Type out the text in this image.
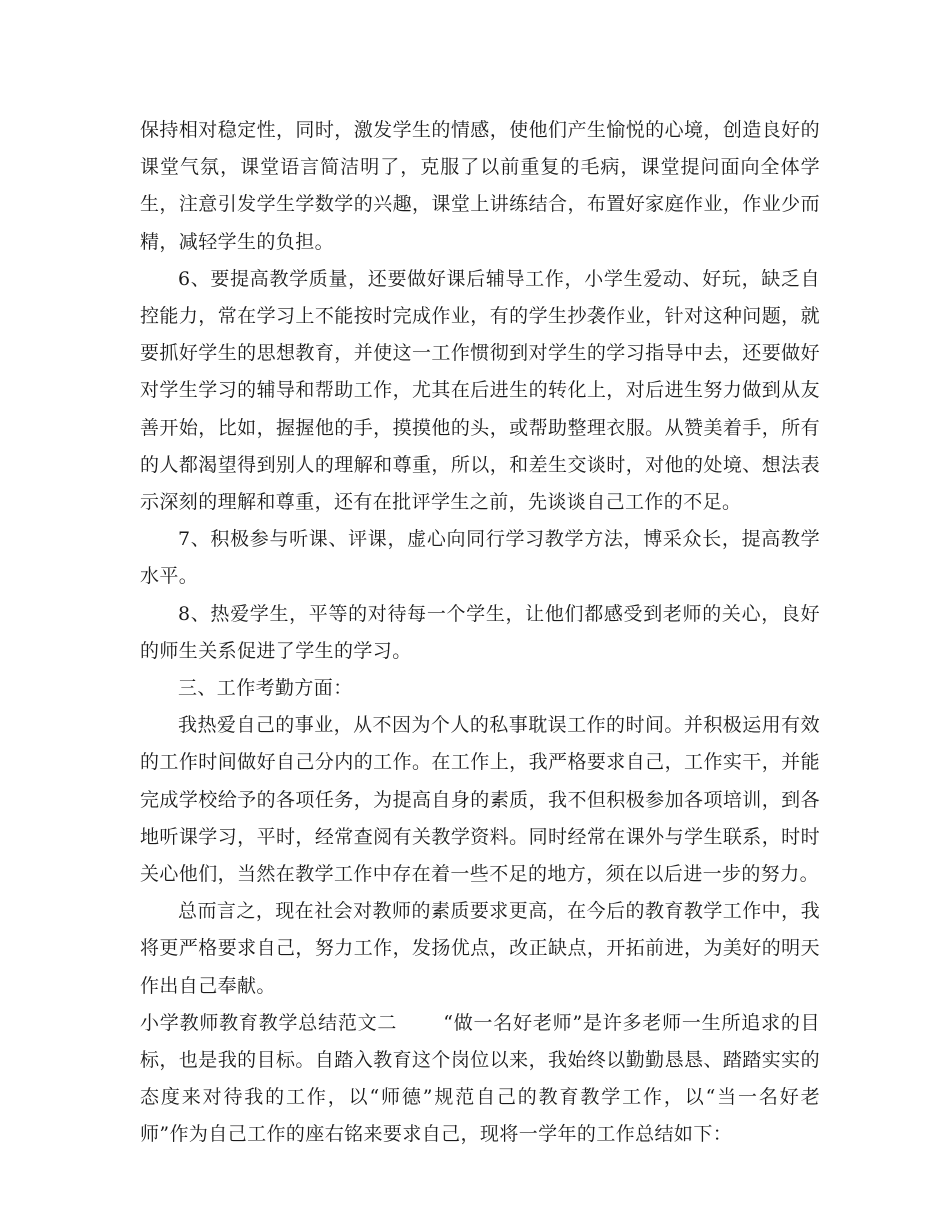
保持相对稳定性，同时，激发学生的情感，使他们产生愉悦的心境，创造良好的课堂气氛，课堂语言简洁明了，克服了以前重复的毛病，课堂提问面向全体学生，注意引发学生学数学的兴趣，课堂上讲练结合，布置好家庭作业，作业少而精，减轻学生的负担。

6、要提高教学质量，还要做好课后辅导工作，小学生爱动、好玩，缺乏自控能力，常在学习上不能按时完成作业，有的学生抄袭作业，针对这种问题，就要抓好学生的思想教育，并使这一工作惯彻到对学生的学习指导中去，还要做好对学生学习的辅导和帮助工作，尤其在后进生的转化上，对后进生努力做到从友善开始，比如，握握他的手，摸摸他的头，或帮助整理衣服。从赞美着手，所有的人都渴望得到别人的理解和尊重，所以，和差生交谈时，对他的处境、想法表示深刻的理解和尊重，还有在批评学生之前，先谈谈自己工作的不足。

7、积极参与听课、评课，虚心向同行学习教学方法，博采众长，提高教学水平。

8、热爱学生，平等的对待每一个学生，让他们都感受到老师的关心，良好的师生关系促进了学生的学习。

三、工作考勤方面：

我热爱自己的事业，从不因为个人的私事耽误工作的时间。并积极运用有效的工作时间做好自己分内的工作。在工作上，我严格要求自己，工作实干，并能完成学校给予的各项任务，为提高自身的素质，我不但积极参加各项培训，到各地听课学习，平时，经常查阅有关教学资料。同时经常在课外与学生联系，时时关心他们，当然在教学工作中存在着一些不足的地方，须在以后进一步的努力。

总而言之，现在社会对教师的素质要求更高，在今后的教育教学工作中，我将更严格要求自己，努力工作，发扬优点，改正缺点，开拓前进，为美好的明天作出自己奉献。

小学教师教育教学总结范文二 “做一名好老师”是许多老师一生所追求的目标，也是我的目标。自踏入教育这个岗位以来，我始终以勤勤恳恳、踏踏实实的态度来对待我的工作，以“师德”规范自己的教育教学工作，以“当一名好老师”作为自己工作的座右铭来要求自己，现将一学年的工作总结如下：
